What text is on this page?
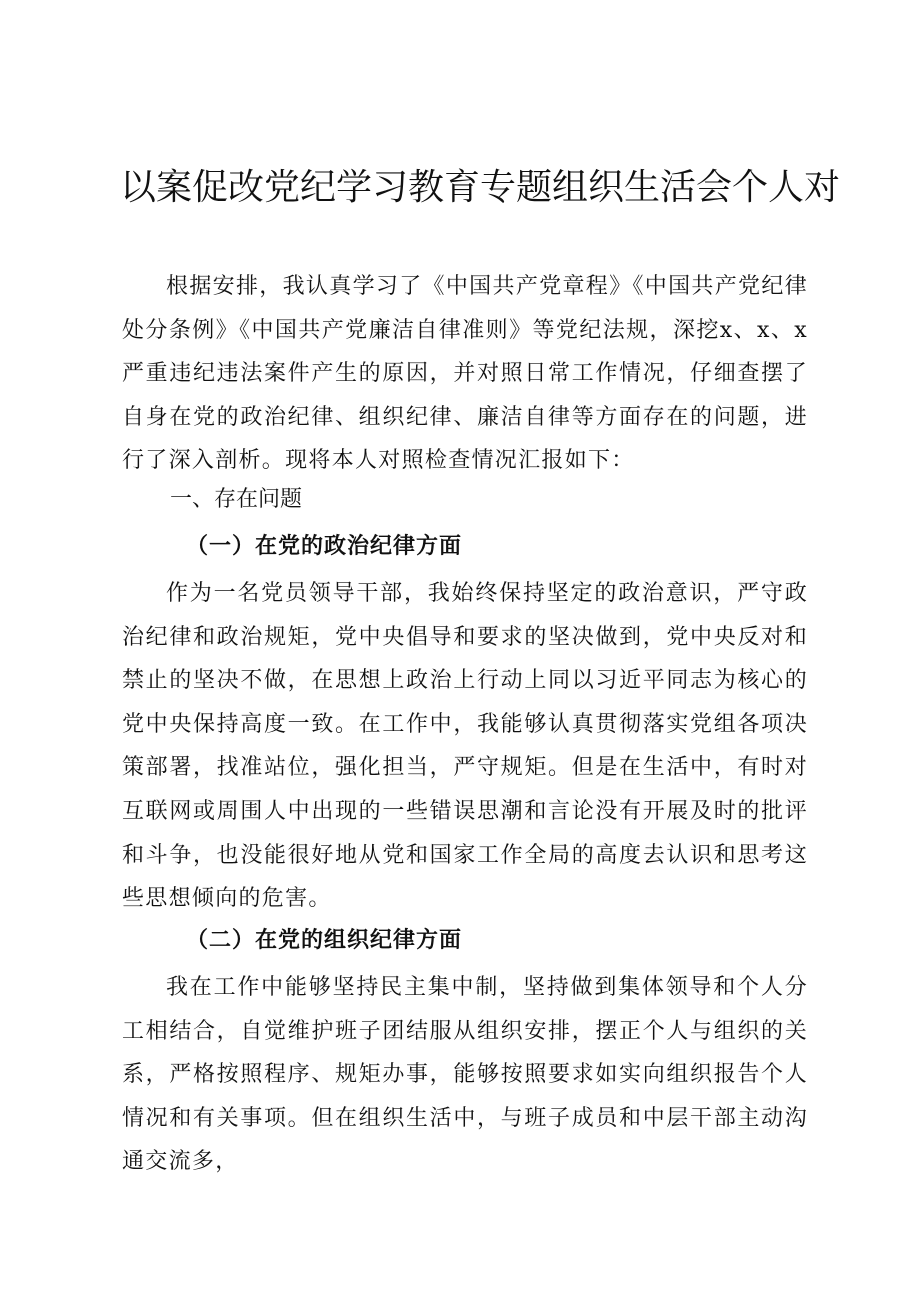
以案促改党纪学习教育专题组织生活会个人对

根据安排，我认真学习了《中国共产党章程》《中国共产党纪律处分条例》《中国共产党廉洁自律准则》等党纪法规，深挖x、x、x严重违纪违法案件产生的原因，并对照日常工作情况，仔细查摆了自身在党的政治纪律、组织纪律、廉洁自律等方面存在的问题，进行了深入剖析。现将本人对照检查情况汇报如下：

一、存在问题
（一）在党的政治纪律方面

作为一名党员领导干部，我始终保持坚定的政治意识，严守政治纪律和政治规矩，党中央倡导和要求的坚决做到，党中央反对和禁止的坚决不做，在思想上政治上行动上同以习近平同志为核心的党中央保持高度一致。在工作中，我能够认真贯彻落实党组各项决策部署，找准站位，强化担当，严守规矩。但是在生活中，有时对互联网或周围人中出现的一些错误思潮和言论没有开展及时的批评和斗争，也没能很好地从党和国家工作全局的高度去认识和思考这些思想倾向的危害。

（二）在党的组织纪律方面

我在工作中能够坚持民主集中制，坚持做到集体领导和个人分工相结合，自觉维护班子团结服从组织安排，摆正个人与组织的关系，严格按照程序、规矩办事，能够按照要求如实向组织报告个人情况和有关事项。但在组织生活中，与班子成员和中层干部主动沟通交流多，
